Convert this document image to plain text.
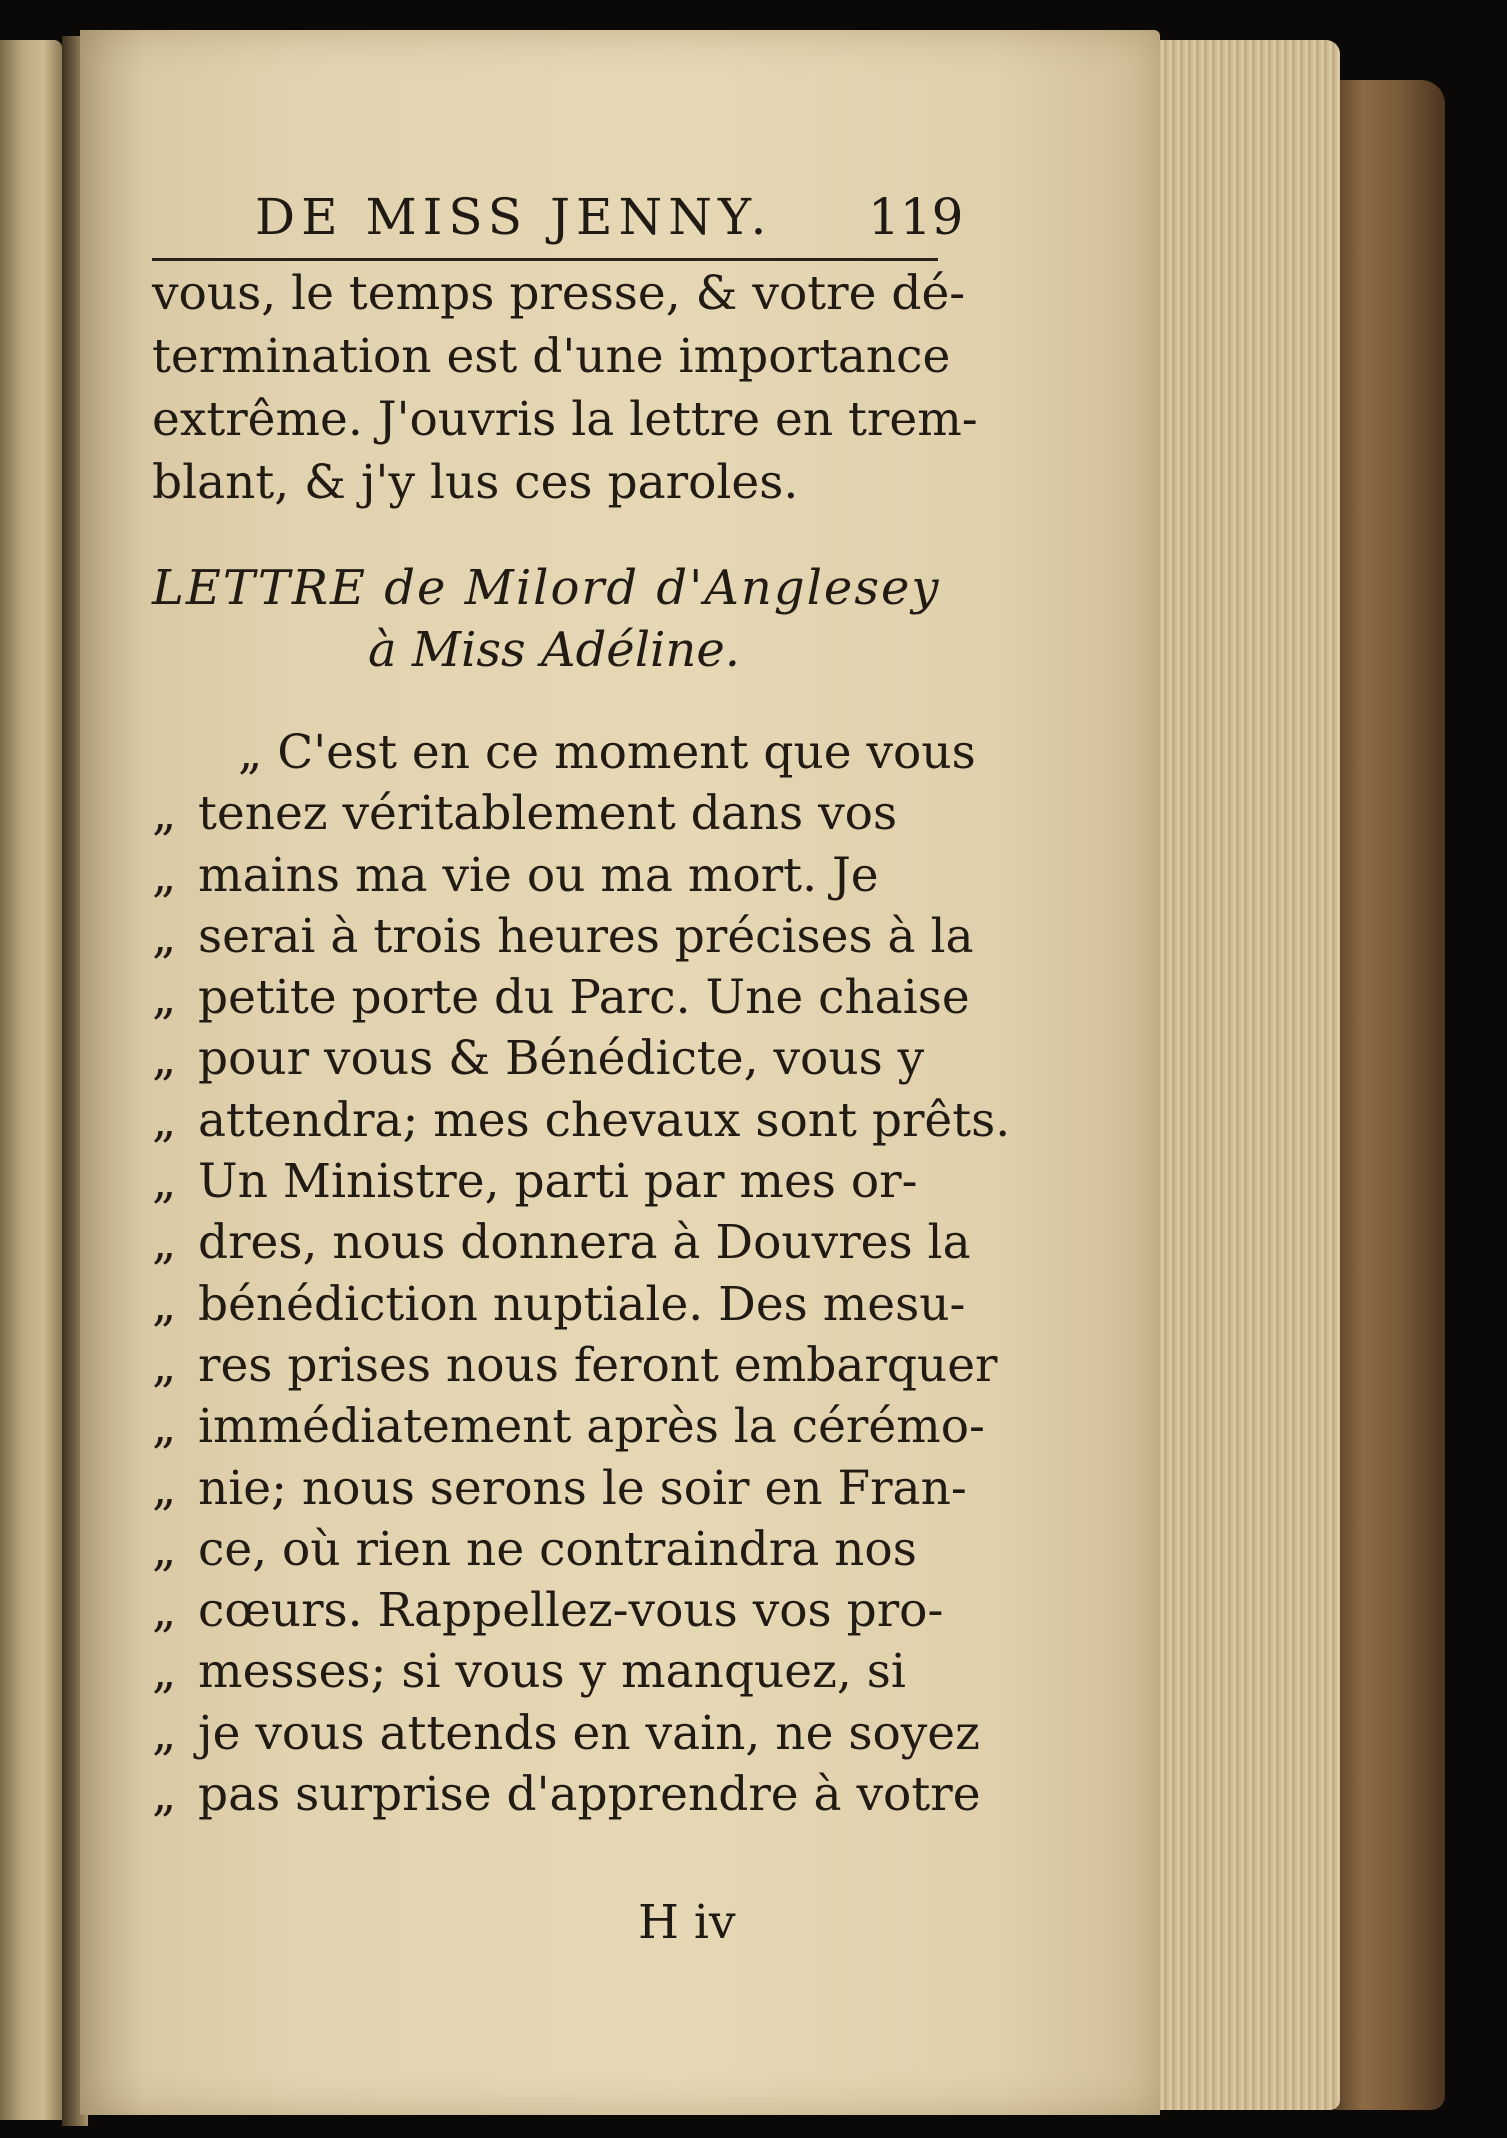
DE MISS JENNY. 119
vous, le temps presse, & votre dé-
termination est d'une importance
extrême. J'ouvris la lettre en trem-
blant, & j'y lus ces paroles.
LETTRE de Milord d'Anglesey
à Miss Adéline.
„ C'est en ce moment que vous
„ tenez véritablement dans vos
„ mains ma vie ou ma mort. Je
„ serai à trois heures précises à la
„ petite porte du Parc. Une chaise
„ pour vous & Bénédicte, vous y
„ attendra; mes chevaux sont prêts.
„ Un Ministre, parti par mes or-
„ dres, nous donnera à Douvres la
„ bénédiction nuptiale. Des mesu-
„ res prises nous feront embarquer
„ immédiatement après la cérémo-
„ nie; nous serons le soir en Fran-
„ ce, où rien ne contraindra nos
„ cœurs. Rappellez-vous vos pro-
„ messes; si vous y manquez, si
„ je vous attends en vain, ne soyez
„ pas surprise d'apprendre à votre
H iv
